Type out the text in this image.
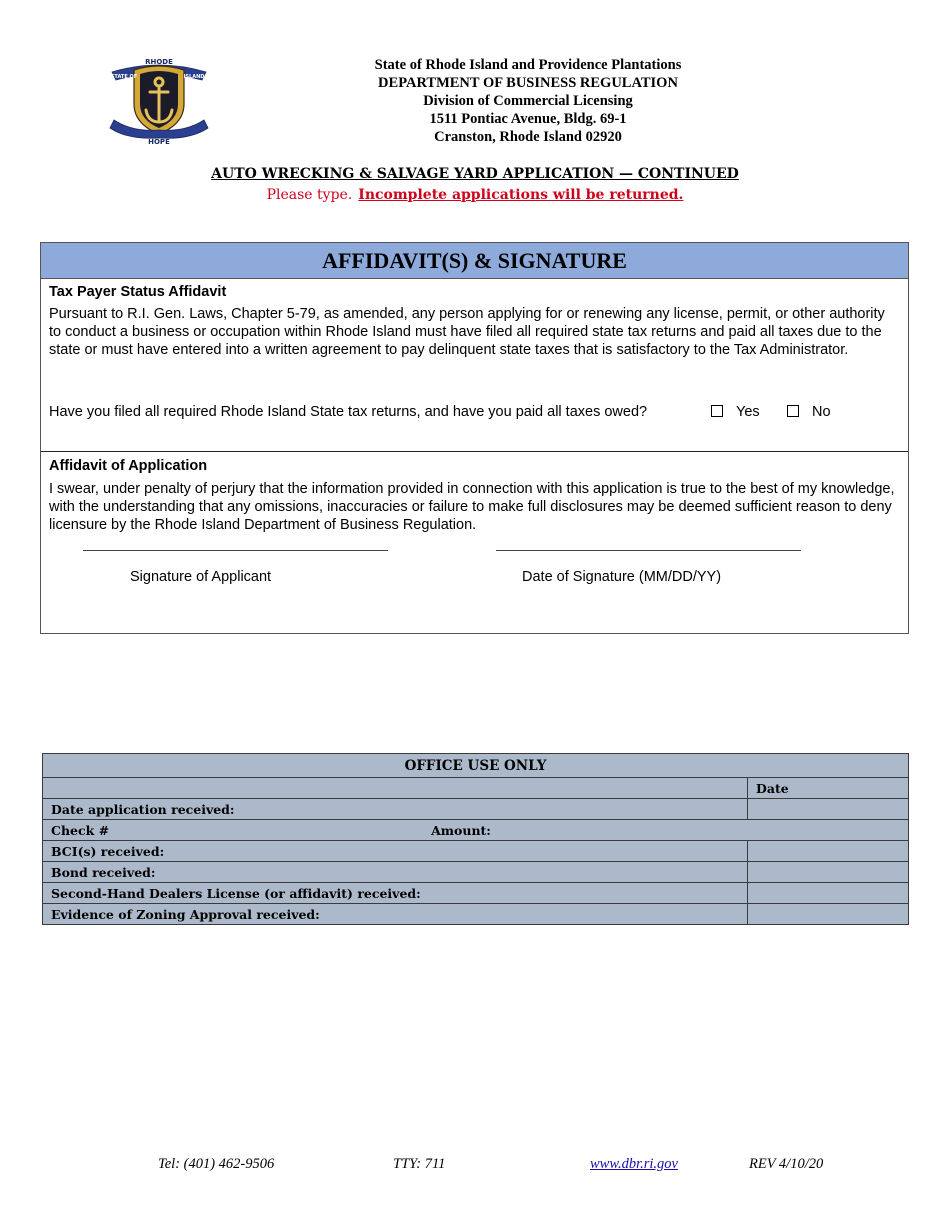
RHODE
STATE OF	ISLAND
HOPE
State of Rhode Island and Providence Plantations
DEPARTMENT OF BUSINESS REGULATION
Division of Commercial Licensing
1511 Pontiac Avenue, Bldg. 69-1
Cranston, Rhode Island 02920
AUTO WRECKING & SALVAGE YARD APPLICATION — CONTINUED
Please type. Incomplete applications will be returned.
AFFIDAVIT(S) & SIGNATURE
Tax Payer Status Affidavit
Pursuant to R.I. Gen. Laws, Chapter 5-79, as amended, any person applying for or renewing any license, permit, or other authority to conduct a business or occupation within Rhode Island must have filed all required state tax returns and paid all taxes due to the state or must have entered into a written agreement to pay delinquent state taxes that is satisfactory to the Tax Administrator.
Have you filed all required Rhode Island State tax returns, and have you paid all taxes owed?	Yes	No
Affidavit of Application
I swear, under penalty of perjury that the information provided in connection with this application is true to the best of my knowledge, with the understanding that any omissions, inaccuracies or failure to make full disclosures may be deemed sufficient reason to deny licensure by the Rhode Island Department of Business Regulation.
Signature of Applicant	Date of Signature (MM/DD/YY)
OFFICE USE ONLY	
	Date
Date application received:	
Check # Amount:	
BCI(s) received:	
Bond received:	
Second-Hand Dealers License (or affidavit) received:	
Evidence of Zoning Approval received:	
Tel: (401) 462-9506	TTY: 711	www.dbr.ri.gov	REV 4/10/20
